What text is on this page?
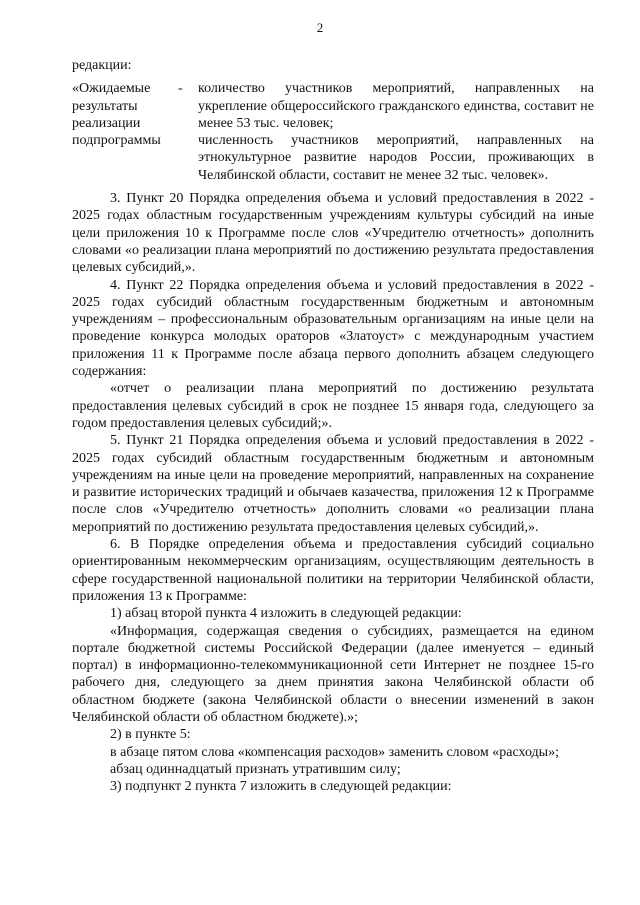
2

редакции:

«Ожидаемые
результаты
реализации
подпрограммы
-	количество участников мероприятий, направленных на укрепление общероссийского гражданского единства, составит не менее 53 тыс. человек;

численность участников мероприятий, направленных на этнокультурное развитие народов России, проживающих в Челябинской области, составит не менее 32 тыс. человек».

3. Пункт 20 Порядка определения объема и условий предоставления в 2022 - 2025 годах областным государственным учреждениям культуры субсидий на иные цели приложения 10 к Программе после слов «Учредителю отчетность» дополнить словами «о реализации плана мероприятий по достижению результата предоставления целевых субсидий,».

4. Пункт 22 Порядка определения объема и условий предоставления в 2022 - 2025 годах субсидий областным государственным бюджетным и автономным учреждениям – профессиональным образовательным организациям на иные цели на проведение конкурса молодых ораторов «Златоуст» с международным участием приложения 11 к Программе после абзаца первого дополнить абзацем следующего содержания:

«отчет о реализации плана мероприятий по достижению результата предоставления целевых субсидий в срок не позднее 15 января года, следующего за годом предоставления целевых субсидий;».

5. Пункт 21 Порядка определения объема и условий предоставления в 2022 - 2025 годах субсидий областным государственным бюджетным и автономным учреждениям на иные цели на проведение мероприятий, направленных на сохранение и развитие исторических традиций и обычаев казачества, приложения 12 к Программе после слов «Учредителю отчетность» дополнить словами «о реализации плана мероприятий по достижению результата предоставления целевых субсидий,».

6. В Порядке определения объема и предоставления субсидий социально ориентированным некоммерческим организациям, осуществляющим деятельность в сфере государственной национальной политики на территории Челябинской области, приложения 13 к Программе:

1) абзац второй пункта 4 изложить в следующей редакции:

«Информация, содержащая сведения о субсидиях, размещается на едином портале бюджетной системы Российской Федерации (далее именуется – единый портал) в информационно-телекоммуникационной сети Интернет не позднее 15-го рабочего дня, следующего за днем принятия закона Челябинской области об областном бюджете (закона Челябинской области о внесении изменений в закон Челябинской области об областном бюджете).»;

2) в пункте 5:

в абзаце пятом слова «компенсация расходов» заменить словом «расходы»;

абзац одиннадцатый признать утратившим силу;

3) подпункт 2 пункта 7 изложить в следующей редакции:
